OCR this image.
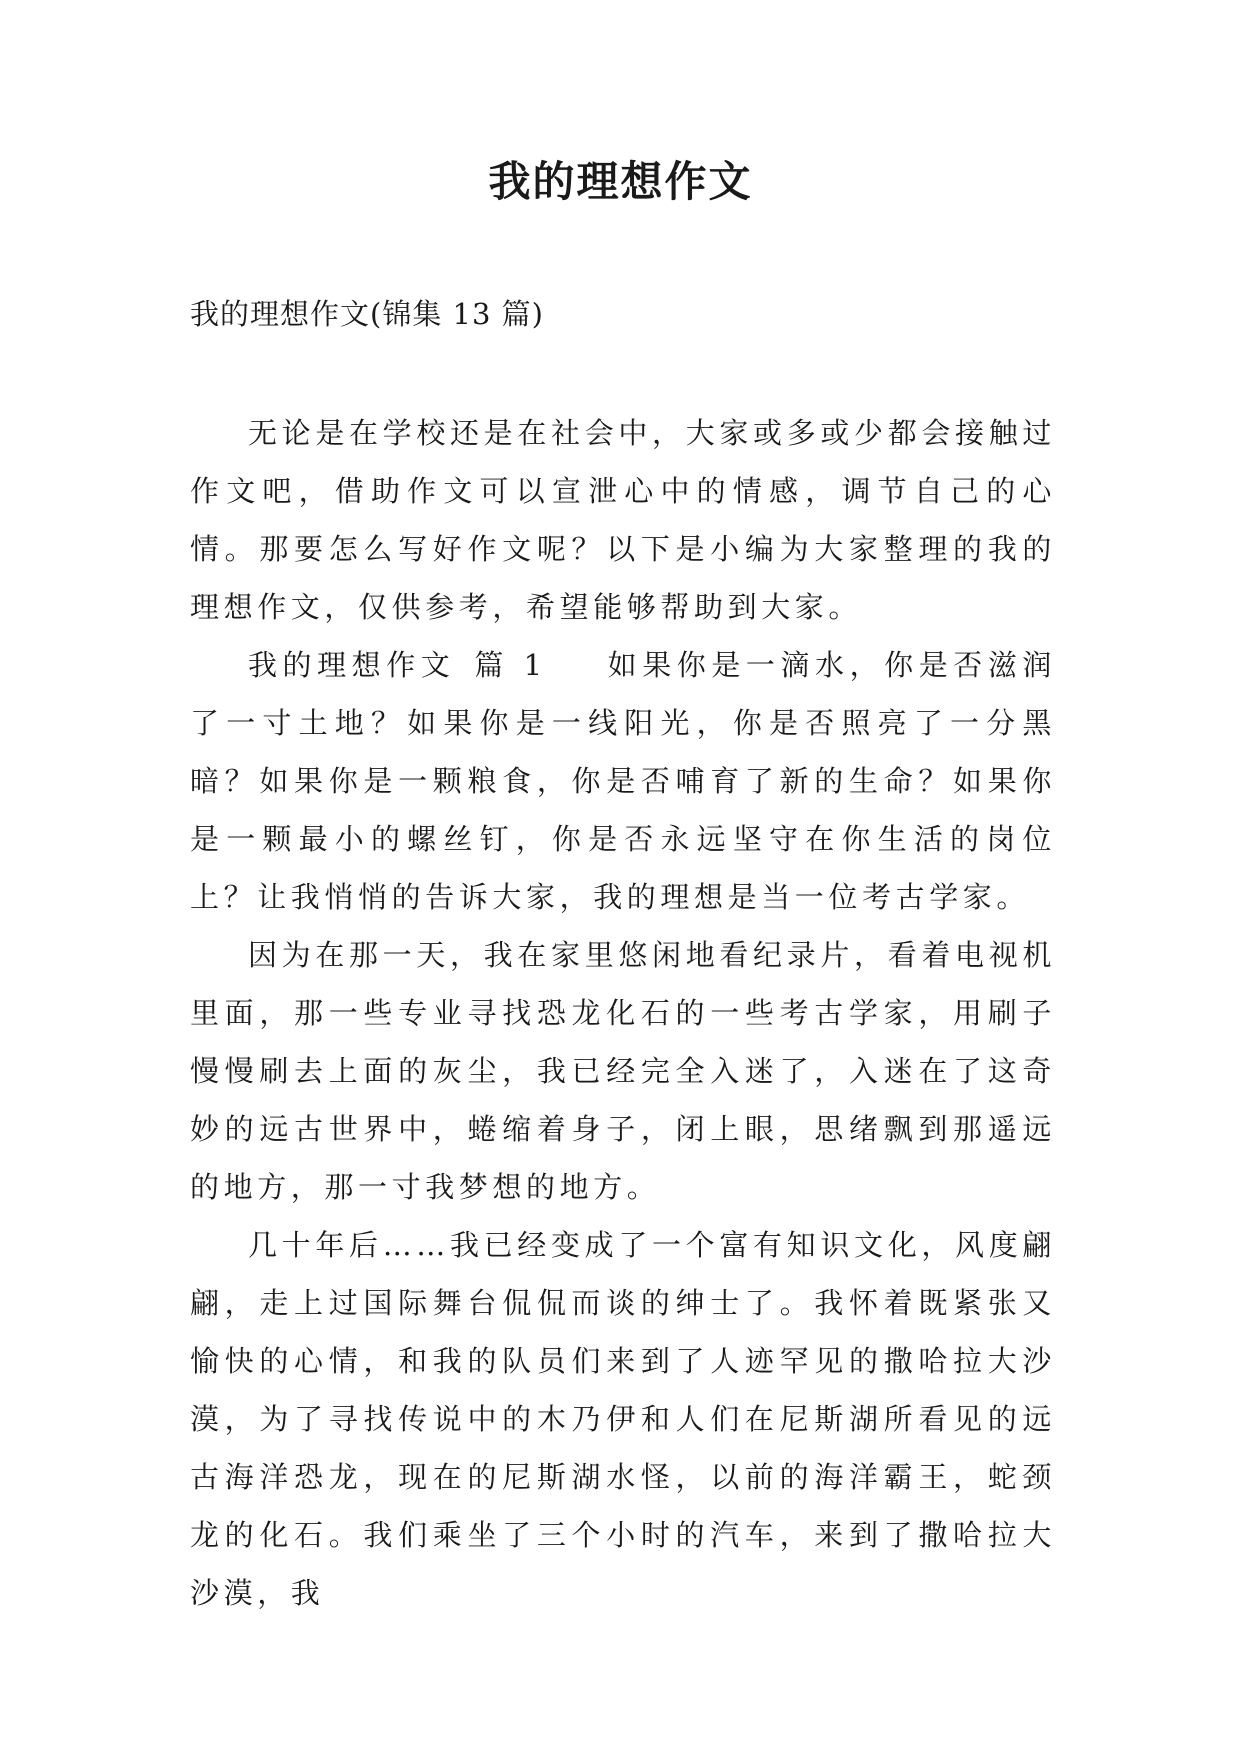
我的理想作文
我的理想作文(锦集 13 篇)

无论是在学校还是在社会中，大家或多或少都会接触过作文吧，借助作文可以宣泄心中的情感，调节自己的心情。那要怎么写好作文呢？以下是小编为大家整理的我的理想作文，仅供参考，希望能够帮助到大家。

我的理想作文 篇 1 如果你是一滴水，你是否滋润了一寸土地？如果你是一线阳光，你是否照亮了一分黑暗？如果你是一颗粮食，你是否哺育了新的生命？如果你是一颗最小的螺丝钉，你是否永远坚守在你生活的岗位上？让我悄悄的告诉大家，我的理想是当一位考古学家。

因为在那一天，我在家里悠闲地看纪录片，看着电视机里面，那一些专业寻找恐龙化石的一些考古学家，用刷子慢慢刷去上面的灰尘，我已经完全入迷了，入迷在了这奇妙的远古世界中，蜷缩着身子，闭上眼，思绪飘到那遥远的地方，那一寸我梦想的地方。

几十年后……我已经变成了一个富有知识文化，风度翩翩，走上过国际舞台侃侃而谈的绅士了。我怀着既紧张又愉快的心情，和我的队员们来到了人迹罕见的撒哈拉大沙漠，为了寻找传说中的木乃伊和人们在尼斯湖所看见的远古海洋恐龙，现在的尼斯湖水怪，以前的海洋霸王，蛇颈龙的化石。我们乘坐了三个小时的汽车，来到了撒哈拉大沙漠，我
